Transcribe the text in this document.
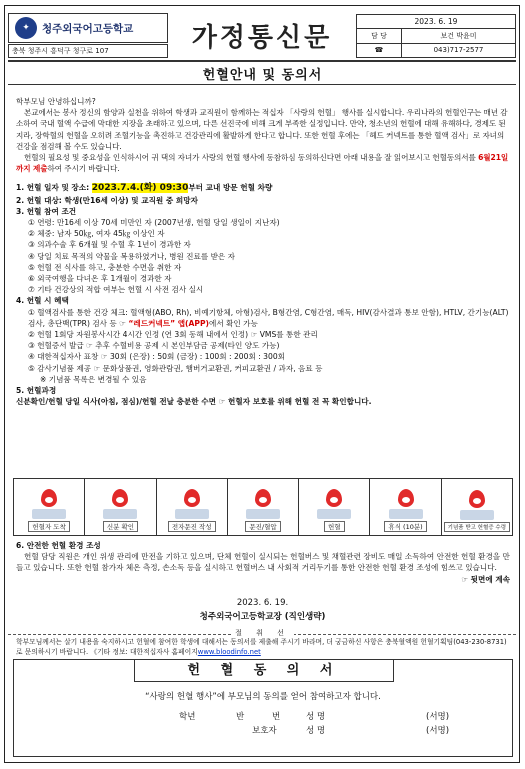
✦	청주외국어고등학교
충북 청주시 흥덕구 청구로 107	가정통신문
2023. 6. 19	
담 당	보건 박윤미
☎	043)717-2577
헌혈안내 및 동의서

학부모님 안녕하십니까?

본교에서는 봉사 정신의 함양과 실천을 위하여 학생과 교직원이 함께하는 적십자 「사랑의 헌혈」 행사를 실시합니다. 우리나라의 헌혈인구는 매년 감소하여 국내 혈액 수급에 막대한 지장을 초래하고 있으며, 다른 선진국에 비해 크게 부족한 실정입니다. 만약, 청소년의 헌혈에 대해 유해하다, 경제도 된지라, 장학혈의 헌혈을 오히려 조혈기능을 촉진하고 건강관리에 활발하게 한다고 합니다. 또한 헌혈 후에는 「헤드 커넥트를 통한 혈액 검사」로 자녀의 건강을 점검해 볼 수도 있습니다.

헌혈의 필요성 및 중요성을 인식하시어 귀 댁의 자녀가 사랑의 헌혈 행사에 동참하심 동의하신다면 아래 내용을 잘 읽어보시고 헌혈동의서를 6월21일까지 제출하여 주시기 바랍니다.

1. 헌혈 일자 및 장소: 2023.7.4.(화) 09:30부터 교내 방문 헌혈 차량

2. 헌혈 대상: 학생(만16세 이상) 및 교직원 중 희망자

3. 헌혈 참여 조건

① 연령: 만16세 이상 70세 미만인 자 (2007년생, 헌혈 당일 생일이 지난자)

② 체중: 남자 50㎏, 여자 45㎏ 이상인 자

③ 의과수술 후 6개월 및 수혈 후 1년이 경과한 자

④ 당일 치료 목적의 약물을 복용하였거나, 병원 진료를 받은 자

⑤ 헌혈 전 식사를 하고, 충분한 수면을 취한 자

⑥ 외국여행을 다녀온 후 1개월이 경과한 자

⑦ 기타 건강상의 적합 여부는 헌혈 시 사전 검사 실시

4. 헌혈 시 혜택

① 혈액검사를 통한 건강 체크: 혈액형(ABO, Rh), 비예기항체, 아형)검사, B형간염, C형간염, 매독, HIV(감사결과 통보 안함), HTLV, 간기능(ALT) 검사, 총단백(TPR) 검사 등 ☞ “레드커넥트” 앱(APP)에서 확인 가능

② 헌혈 1회당 자원봉사시간 4시간 인정 (연 3회 동해 내에서 인정) ☞ VMS를 통한 관리

③ 헌혈증서 발급 ☞ 추후 수혈비용 공제 시 본인부담금 공제(타인 양도 가능)

④ 대한적십자사 표창 ☞ 30회 (은장) : 50회 (금장) : 100회 : 200회 : 300회

⑤ 감사기념품 제공 ☞ 문화상품권, 영화관람권, 햄버거교환권, 커피교환권 / 과자, 음료 등

※ 기념품 목록은 변경될 수 있음

5. 헌혈과정

신분확인/헌혈 당일 식사(아침, 점심)/헌혈 전날 충분한 수면 ☞ 헌혈자 보호를 위해 헌혈 전 꼭 확인합니다.

헌혈자 도착	신분 확인	전자문진 작성	문진/혈압	헌혈	휴식 (10분)	기념품 받고 헌혈증 수령

6. 안전한 헌혈 환경 조성

헌혈 담당 직원은 개인 위생 관리에 만전을 기하고 있으며, 단체 헌혈이 실시되는 헌혈버스 및 채혈관련 장비도 매일 소독하여 안전한 헌혈 환경을 만들고 있습니다. 또한 헌혈 참가자 체온 측정, 손소독 등을 실시하고 헌혈버스 내 사회적 거리두기를 통한 안전한 헌혈 환경 조성에 힘쓰고 있습니다.

☞ 뒷면에 계속

2023. 6. 19.
청주외국어고등학교장 (직인생략)
절 취 선
학부모님께서는 살기 내용을 숙지하시고 헌혈에 참여한 학생에 대해서는 동의서를 제출해 주시기 바라며, 더 궁금하신 사항은 충북혈액원 헌혈기획팀(043-230-8731)로 문의하시기 바랍니다. 《기타 정보: 대한적십자사 홈페이지www.bloodinfo.net
헌 혈 동 의 서
“사랑의 헌혈 행사”에 부모님의 동의를 얻어 참여하고자 합니다.
학년	반	번	성 명	(서명)
보호자	성 명	(서명)
